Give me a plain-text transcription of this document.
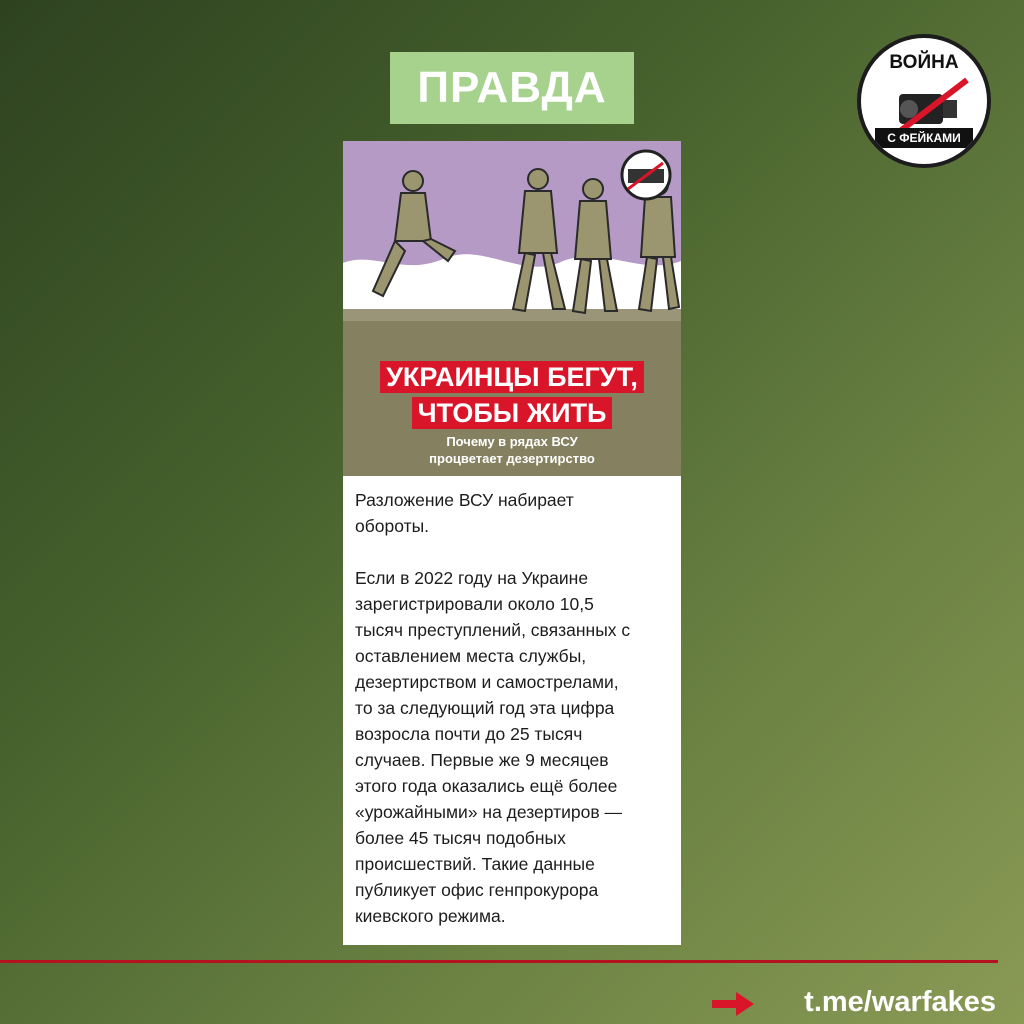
ПРАВДА
ВОЙНА
С ФЕЙКАМИ
УКРАИНЦЫ БЕГУТ,
ЧТОБЫ ЖИТЬ
Почему в рядах ВСУ
процветает дезертирство
Разложение ВСУ набирает
обороты.

Если в 2022 году на Украине
зарегистрировали около 10,5
тысяч преступлений, связанных с
оставлением места службы,
дезертирством и самострелами,
то за следующий год эта цифра
возросла почти до 25 тысяч
случаев. Первые же 9 месяцев
этого года оказались ещё более
«урожайными» на дезертиров —
более 45 тысяч подобных
происшествий. Такие данные
публикует офис генпрокурора
киевского режима.
t.me/warfakes
